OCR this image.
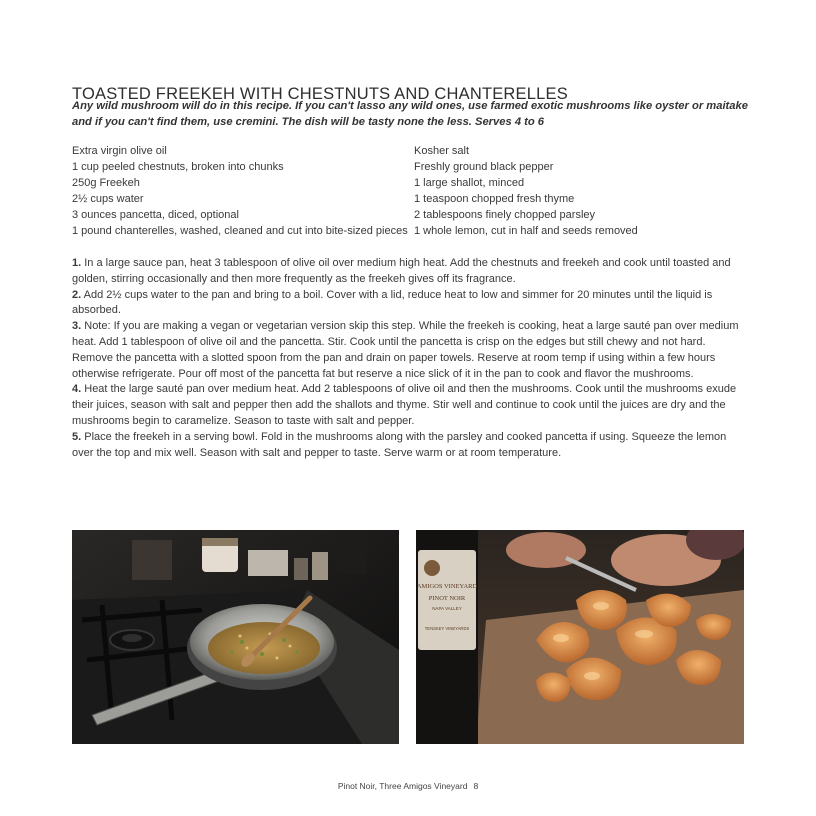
TOASTED FREEKEH WITH CHESTNUTS AND CHANTERELLES
Any wild mushroom will do in this recipe. If you can't lasso any wild ones, use farmed exotic mushrooms like oyster or maitake and if you can't find them, use cremini. The dish will be tasty none the less. Serves 4 to 6
Extra virgin olive oil
1 cup peeled chestnuts, broken into chunks
250g Freekeh
2½ cups water
3 ounces pancetta, diced, optional
1 pound chanterelles, washed, cleaned and cut into bite-sized pieces
Kosher salt
Freshly ground black pepper
1 large shallot, minced
1 teaspoon chopped fresh thyme
2 tablespoons finely chopped parsley
1 whole lemon, cut in half and seeds removed

1. In a large sauce pan, heat 3 tablespoon of olive oil over medium high heat. Add the chestnuts and freekeh and cook until toasted and golden, stirring occasionally and then more frequently as the freekeh gives off its fragrance.

2. Add 2½ cups water to the pan and bring to a boil. Cover with a lid, reduce heat to low and simmer for 20 minutes until the liquid is absorbed.

3. Note: If you are making a vegan or vegetarian version skip this step. While the freekeh is cooking, heat a large sauté pan over medium heat. Add 1 tablespoon of olive oil and the pancetta. Stir. Cook until the pancetta is crisp on the edges but still chewy and not hard. Remove the pancetta with a slotted spoon from the pan and drain on paper towels. Reserve at room temp if using within a few hours otherwise refrigerate. Pour off most of the pancetta fat but reserve a nice slick of it in the pan to cook and flavor the mushrooms.

4. Heat the large sauté pan over medium heat. Add 2 tablespoons of olive oil and then the mushrooms. Cook until the mushrooms exude their juices, season with salt and pepper then add the shallots and thyme. Stir well and continue to cook until the juices are dry and the mushrooms begin to caramelize. Season to taste with salt and pepper.

5. Place the freekeh in a serving bowl. Fold in the mushrooms along with the parsley and cooked pancetta if using. Squeeze the lemon over the top and mix well. Season with salt and pepper to taste. Serve warm or at room temperature.

AMIGOS VINEYARD
PINOT NOIR
NAPA VALLEY
TENSKEY VINEYARDS
Pinot Noir, Three Amigos Vineyard 8
